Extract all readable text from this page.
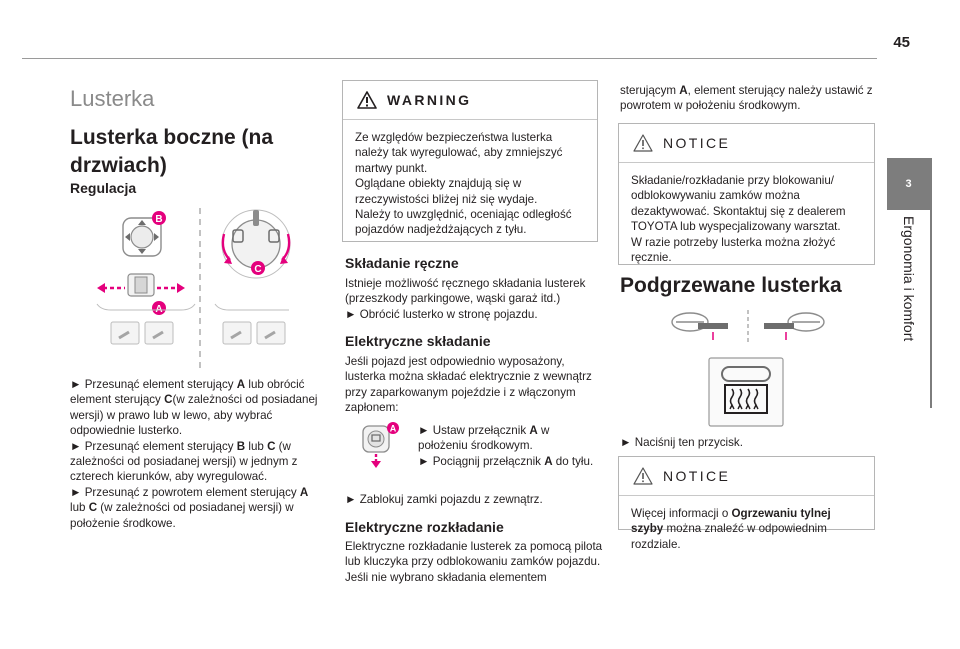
45
3
Ergonomia i komfort
Lusterka
Lusterka boczne (na drzwiach)
Regulacja
B
A
C
► Przesunąć element sterujący A lub obrócić element sterujący C(w zależności od posiadanej wersji) w prawo lub w lewo, aby wybrać odpowiednie lusterko.
► Przesunąć element sterujący B lub C (w zależności od posiadanej wersji) w jednym z czterech kierunków, aby wyregulować.
► Przesunąć z powrotem element sterujący A lub C (w zależności od posiadanej wersji) w położenie środkowe.
WARNING
Ze względów bezpieczeństwa lusterka należy tak wyregulować, aby zmniejszyć martwy punkt.
Oglądane obiekty znajdują się w rzeczywistości bliżej niż się wydaje.
Należy to uwzględnić, oceniając odległość pojazdów nadjeżdżających z tyłu.
Składanie ręczne
Istnieje możliwość ręcznego składania lusterek (przeszkody parkingowe, wąski garaż itd.)
► Obrócić lusterko w stronę pojazdu.
Elektryczne składanie
Jeśli pojazd jest odpowiednio wyposażony, lusterka można składać elektrycznie z wewnątrz przy zaparkowanym pojeździe i z włączonym zapłonem:
A ► Ustaw przełącznik A w położeniu środkowym.
► Pociągnij przełącznik A do tyłu.
► Zablokuj zamki pojazdu z zewnątrz.
Elektryczne rozkładanie
Elektryczne rozkładanie lusterek za pomocą pilota lub kluczyka przy odblokowaniu zamków pojazdu. Jeśli nie wybrano składania elementem
sterującym A, element sterujący należy ustawić z powrotem w położeniu środkowym.
NOTICE
Składanie/rozkładanie przy blokowaniu/ odblokowywaniu zamków można dezaktywować. Skontaktuj się z dealerem TOYOTA lub wyspecjalizowany warsztat.
W razie potrzeby lusterka można złożyć ręcznie.
Podgrzewane lusterka
► Naciśnij ten przycisk.
NOTICE
Więcej informacji o Ogrzewaniu tylnej szyby można znaleźć w odpowiednim rozdziale.
